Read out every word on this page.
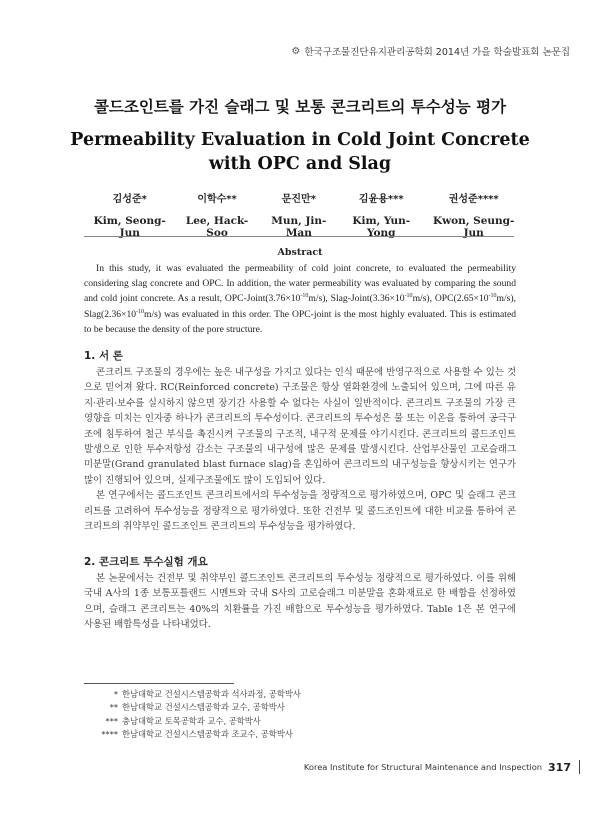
⚙ 한국구조물진단유지관리공학회 2014년 가을 학술발표회 논문집
콜드조인트를 가진 슬래그 및 보통 콘크리트의 투수성능 평가
Permeability Evaluation in Cold Joint Concrete with OPC and Slag
김성준*
Kim, Seong-Jun
이학수**
Lee, Hack-Soo
문진만*
Mun, Jin-Man
김윤용***
Kim, Yun-Yong
권성준****
Kwon, Seung-Jun
Abstract

In this study, it was evaluated the permeability of cold joint concrete, to evaluated the permeability considering slag concrete and OPC. In addition, the water permeability was evaluated by comparing the sound and cold joint concrete. As a result, OPC-$Joint(3.76\times 10^{-10}m/s)$, Slag-$Joint(3.36\times 10^{-10}m/s)$, $OPC(2.65\times 10^{-10}m/s)$, $Slag(2.36\times 10^{-10}m/s)$ was evaluated in this order. The OPC-joint is the most highly evaluated. This is estimated to be because the density of the pore structure.

1. 서 론

콘크리트 구조물의 경우에는 높은 내구성을 가지고 있다는 인식 때문에 반영구적으로 사용할 수 있는 것으로 믿어져 왔다. RC(Reinforced concrete) 구조물은 항상 열화환경에 노출되어 있으며, 그에 따른 유지·관리·보수를 실시하지 않으면 장기간 사용할 수 없다는 사실이 일반적이다. 콘크리트 구조물의 가장 큰 영향을 미치는 인자중 하나가 콘크리트의 투수성이다. 콘크리트의 투수성은 물 또는 이온을 통하여 공극구조에 침투하여 철근 부식을 촉진시켜 구조물의 구조적, 내구적 문제를 야기시킨다. 콘크리트의 콜드조인트 발생으로 인한 투수저항성 감소는 구조물의 내구성에 많은 문제를 발생시킨다. 산업부산물인 고로슬래그 미분말(Grand granulated blast furnace slag)을 혼입하여 콘크리트의 내구성능을 향상시키는 연구가 많이 진행되어 있으며, 실제구조물에도 많이 도입되어 있다.

본 연구에서는 콜드조인트 콘크리트에서의 투수성능을 정량적으로 평가하였으며, OPC 및 슬래그 콘크리트를 고려하여 투수성능을 정량적으로 평가하였다. 또한 건전부 및 콜드조인트에 대한 비교를 통하여 콘크리트의 취약부인 콜드조인트 콘크리트의 투수성능을 평가하였다.

2. 콘크리트 투수실험 개요

본 논문에서는 건전부 및 취약부인 콜드조인트 콘크리트의 투수성능 정량적으로 평가하였다. 이를 위해 국내 A사의 1종 보통포틀랜드 시멘트와 국내 S사의 고로슬래그 미분말을 혼화재료로 한 배합을 선정하였으며, 슬래그 콘크리트는 40%의 치환률을 가진 배합으로 투수성능을 평가하였다. Table 1은 본 연구에 사용된 배합특성을 나타내었다.

* 한남대학교 건설시스템공학과 석사과정, 공학박사
** 한남대학교 건설시스템공학과 교수, 공학박사
*** 충남대학교 토목공학과 교수, 공학박사
**** 한남대학교 건설시스템공학과 조교수, 공학박사
Korea Institute for Structural Maintenance and Inspection 317
